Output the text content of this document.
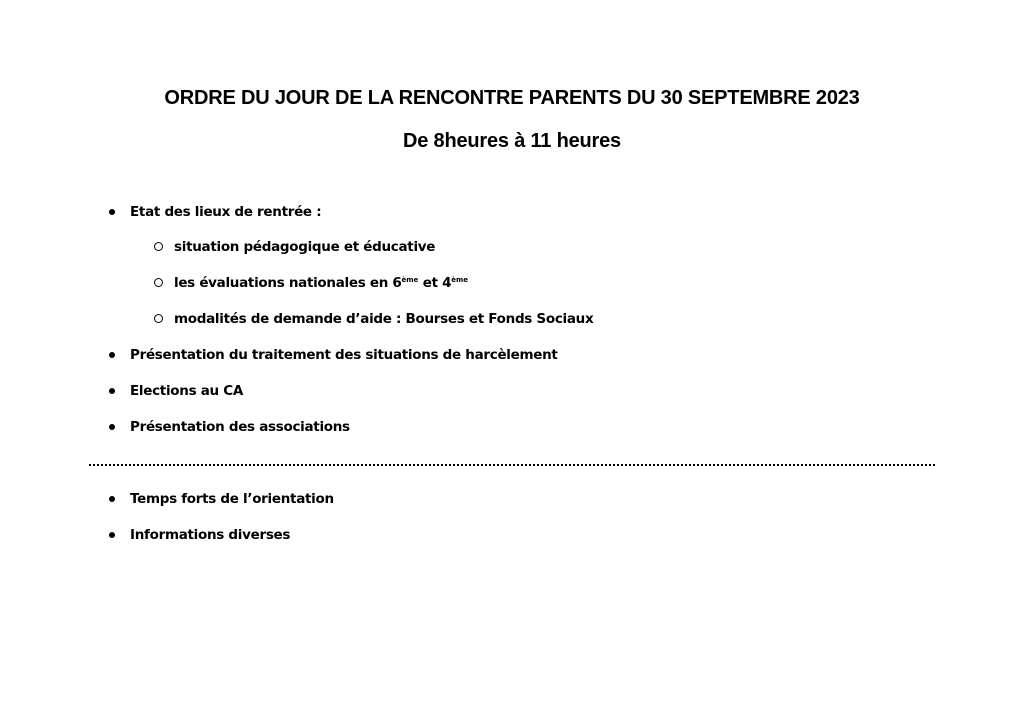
ORDRE DU JOUR DE LA RENCONTRE PARENTS DU 30 SEPTEMBRE 2023
De 8heures à 11 heures
Etat des lieux de rentrée :
situation pédagogique et éducative
les évaluations nationales en 6ème et 4ème
modalités de demande d’aide : Bourses et Fonds Sociaux
Présentation du traitement des situations de harcèlement
Elections au CA
Présentation des associations
Temps forts de l’orientation
Informations diverses
